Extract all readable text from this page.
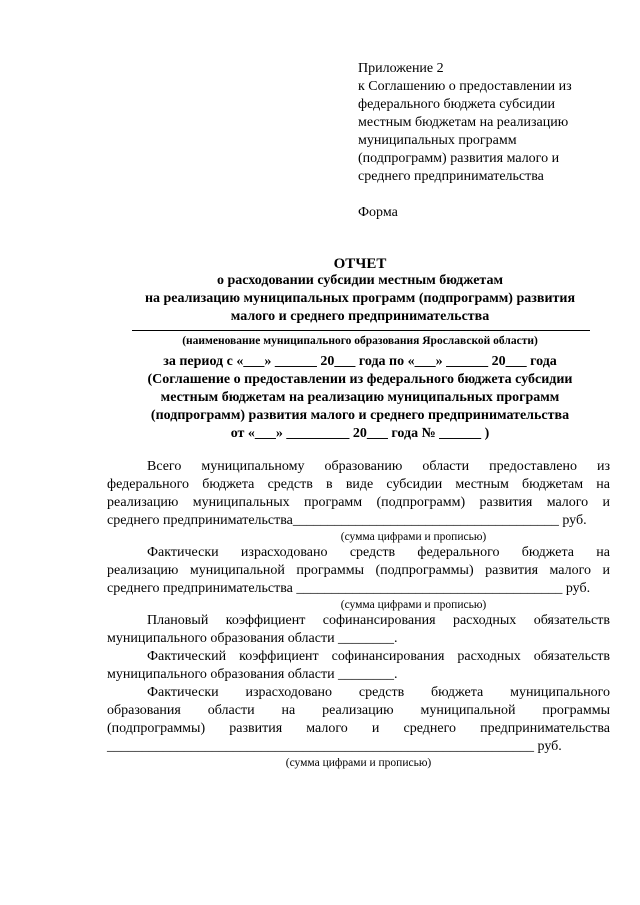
Приложение 2
к Соглашению о предоставлении из
федерального бюджета субсидии
местным бюджетам на реализацию
муниципальных программ
(подпрограмм) развития малого и
среднего предпринимательства
Форма
ОТЧЕТ
о расходовании субсидии местным бюджетам
на реализацию муниципальных программ (подпрограмм) развития
малого и среднего предпринимательства
(наименование муниципального образования Ярославской области)
за период с «___» ______ 20___ года по «___» ______ 20___ года
(Соглашение о предоставлении из федерального бюджета субсидии
местным бюджетам на реализацию муниципальных программ
(подпрограмм) развития малого и среднего предпринимательства
от «___» _________ 20___ года № ______ )
Всего муниципальному образованию области предоставлено из
федерального бюджета средств в виде субсидии местным бюджетам на
реализацию муниципальных программ (подпрограмм) развития малого и
среднего предпринимательства______________________________________ руб.
(сумма цифрами и прописью)
Фактически израсходовано средств федерального бюджета на
реализацию муниципальной программы (подпрограммы) развития малого и
среднего предпринимательства ______________________________________ руб.
(сумма цифрами и прописью)
Плановый коэффициент софинансирования расходных обязательств
муниципального образования области ________.
Фактический коэффициент софинансирования расходных обязательств
муниципального образования области ________.
Фактически израсходовано средств бюджета муниципального
образования области на реализацию муниципальной программы
(подпрограммы) развития малого и среднего предпринимательства
_____________________________________________________________ руб.
(сумма цифрами и прописью)
